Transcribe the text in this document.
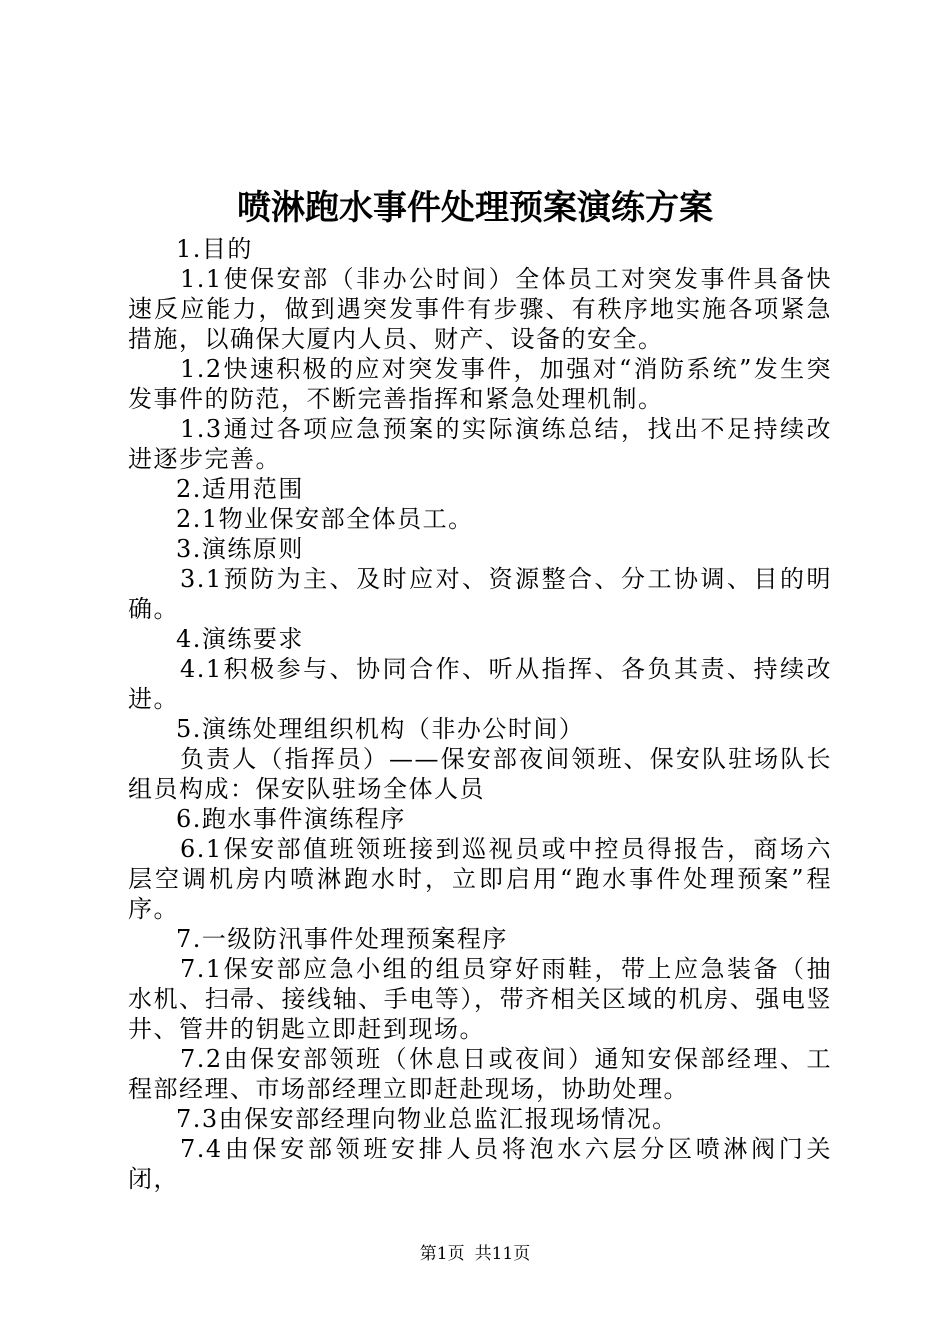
喷淋跑水事件处理预案演练方案

1.目的

1.1使保安部（非办公时间）全体员工对突发事件具备快速反应能力，做到遇突发事件有步骤、有秩序地实施各项紧急措施，以确保大厦内人员、财产、设备的安全。

1.2快速积极的应对突发事件，加强对“消防系统”发生突发事件的防范，不断完善指挥和紧急处理机制。

1.3通过各项应急预案的实际演练总结，找出不足持续改进逐步完善。

2.适用范围

2.1物业保安部全体员工。

3.演练原则

3.1预防为主、及时应对、资源整合、分工协调、目的明确。

4.演练要求

4.1积极参与、协同合作、听从指挥、各负其责、持续改进。

5.演练处理组织机构（非办公时间）

负责人（指挥员）——保安部夜间领班、保安队驻场队长组员构成：保安队驻场全体人员

6.跑水事件演练程序

6.1保安部值班领班接到巡视员或中控员得报告，商场六层空调机房内喷淋跑水时，立即启用“跑水事件处理预案”程序。

7.一级防汛事件处理预案程序

7.1保安部应急小组的组员穿好雨鞋，带上应急装备（抽水机、扫帚、接线轴、手电等），带齐相关区域的机房、强电竖井、管井的钥匙立即赶到现场。

7.2由保安部领班（休息日或夜间）通知安保部经理、工程部经理、市场部经理立即赶赴现场，协助处理。

7.3由保安部经理向物业总监汇报现场情况。

7.4由保安部领班安排人员将泡水六层分区喷淋阀门关闭，

第1页 共11页
